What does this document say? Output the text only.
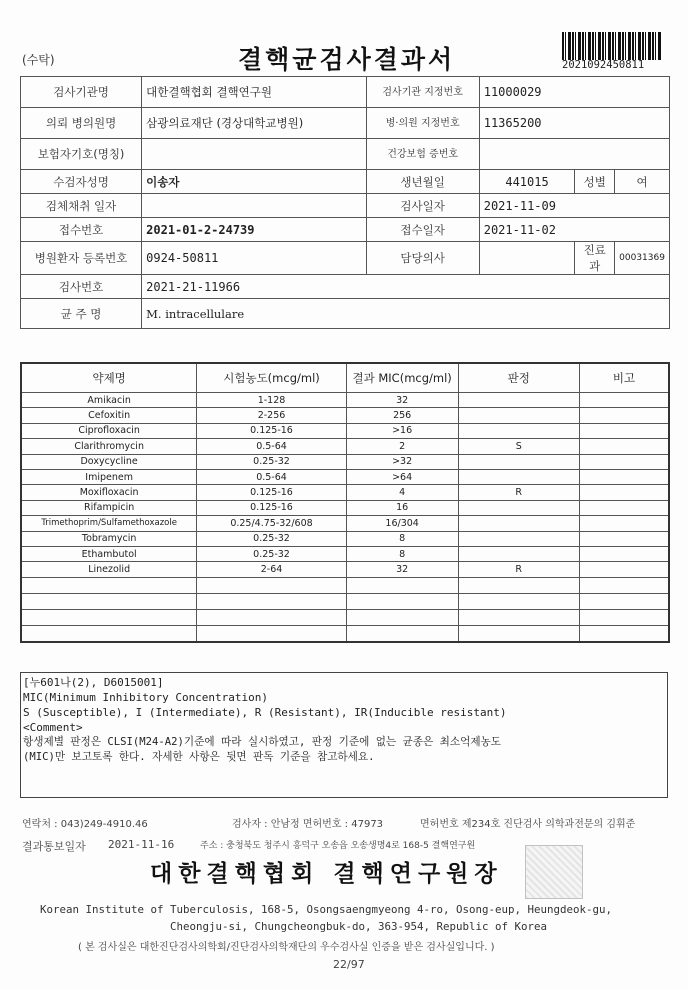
(수탁)	결핵균검사결과서	2021092450811
검사기관명	대한결핵협회 결핵연구원	검사기관 지정번호	11000029		
의뢰 병의원명	삼광의료재단 (경상대학교병원)	병·의원 지정번호	11365200		
보험자기호(명칭)		건강보험 증번호			
수검자성명	이송자	생년월일	441015	성별	여
검체채취 일자		검사일자	2021-11-09		
접수번호	2021-01-2-24739	접수일자	2021-11-02		
병원환자 등록번호	0924-50811	담당의사		진료과	00031369
검사번호	2021-21-11966				
균 주 명	M. intracellulare				
약제명	시험농도(mcg/ml)	결과 MIC(mcg/ml)	판정	비고
Amikacin	1-128	32		
Cefoxitin	2-256	256		
Ciprofloxacin	0.125-16	>16		
Clarithromycin	0.5-64	2	S	
Doxycycline	0.25-32	>32		
Imipenem	0.5-64	>64		
Moxifloxacin	0.125-16	4	R	
Rifampicin	0.125-16	16		
Trimethoprim/Sulfamethoxazole	0.25/4.75-32/608	16/304		
Tobramycin	0.25-32	8		
Ethambutol	0.25-32	8		
Linezolid	2-64	32	R	

[누601나(2), D6015001]
MIC(Minimum Inhibitory Concentration)
S (Susceptible), I (Intermediate), R (Resistant), IR(Inducible resistant)
<Comment>
항생제별 판정은 CLSI(M24-A2)기준에 따라 실시하였고, 판정 기준에 없는 균종은 최소억제농도
(MIC)만 보고토록 한다. 자세한 사항은 뒷면 판독 기준을 참고하세요.
연락처 : 043)249-4910.46	검사자 : 안남정 면허번호 : 47973	면허번호 제234호 진단검사 의학과전문의 김휘준
결과통보일자 2021-11-16	주소 : 충청북도 청주시 흥덕구 오송읍 오송생명4로 168-5 결핵연구원
대한결핵협회 결핵연구원장
Korean Institute of Tuberculosis, 168-5, Osongsaengmyeong 4-ro, Osong-eup, Heungdeok-gu,
Cheongju-si, Chungcheongbuk-do, 363-954, Republic of Korea
( 본 검사실은 대한진단검사의학회/진단검사의학재단의 우수검사실 인증을 받은 검사실입니다. )
22/97
